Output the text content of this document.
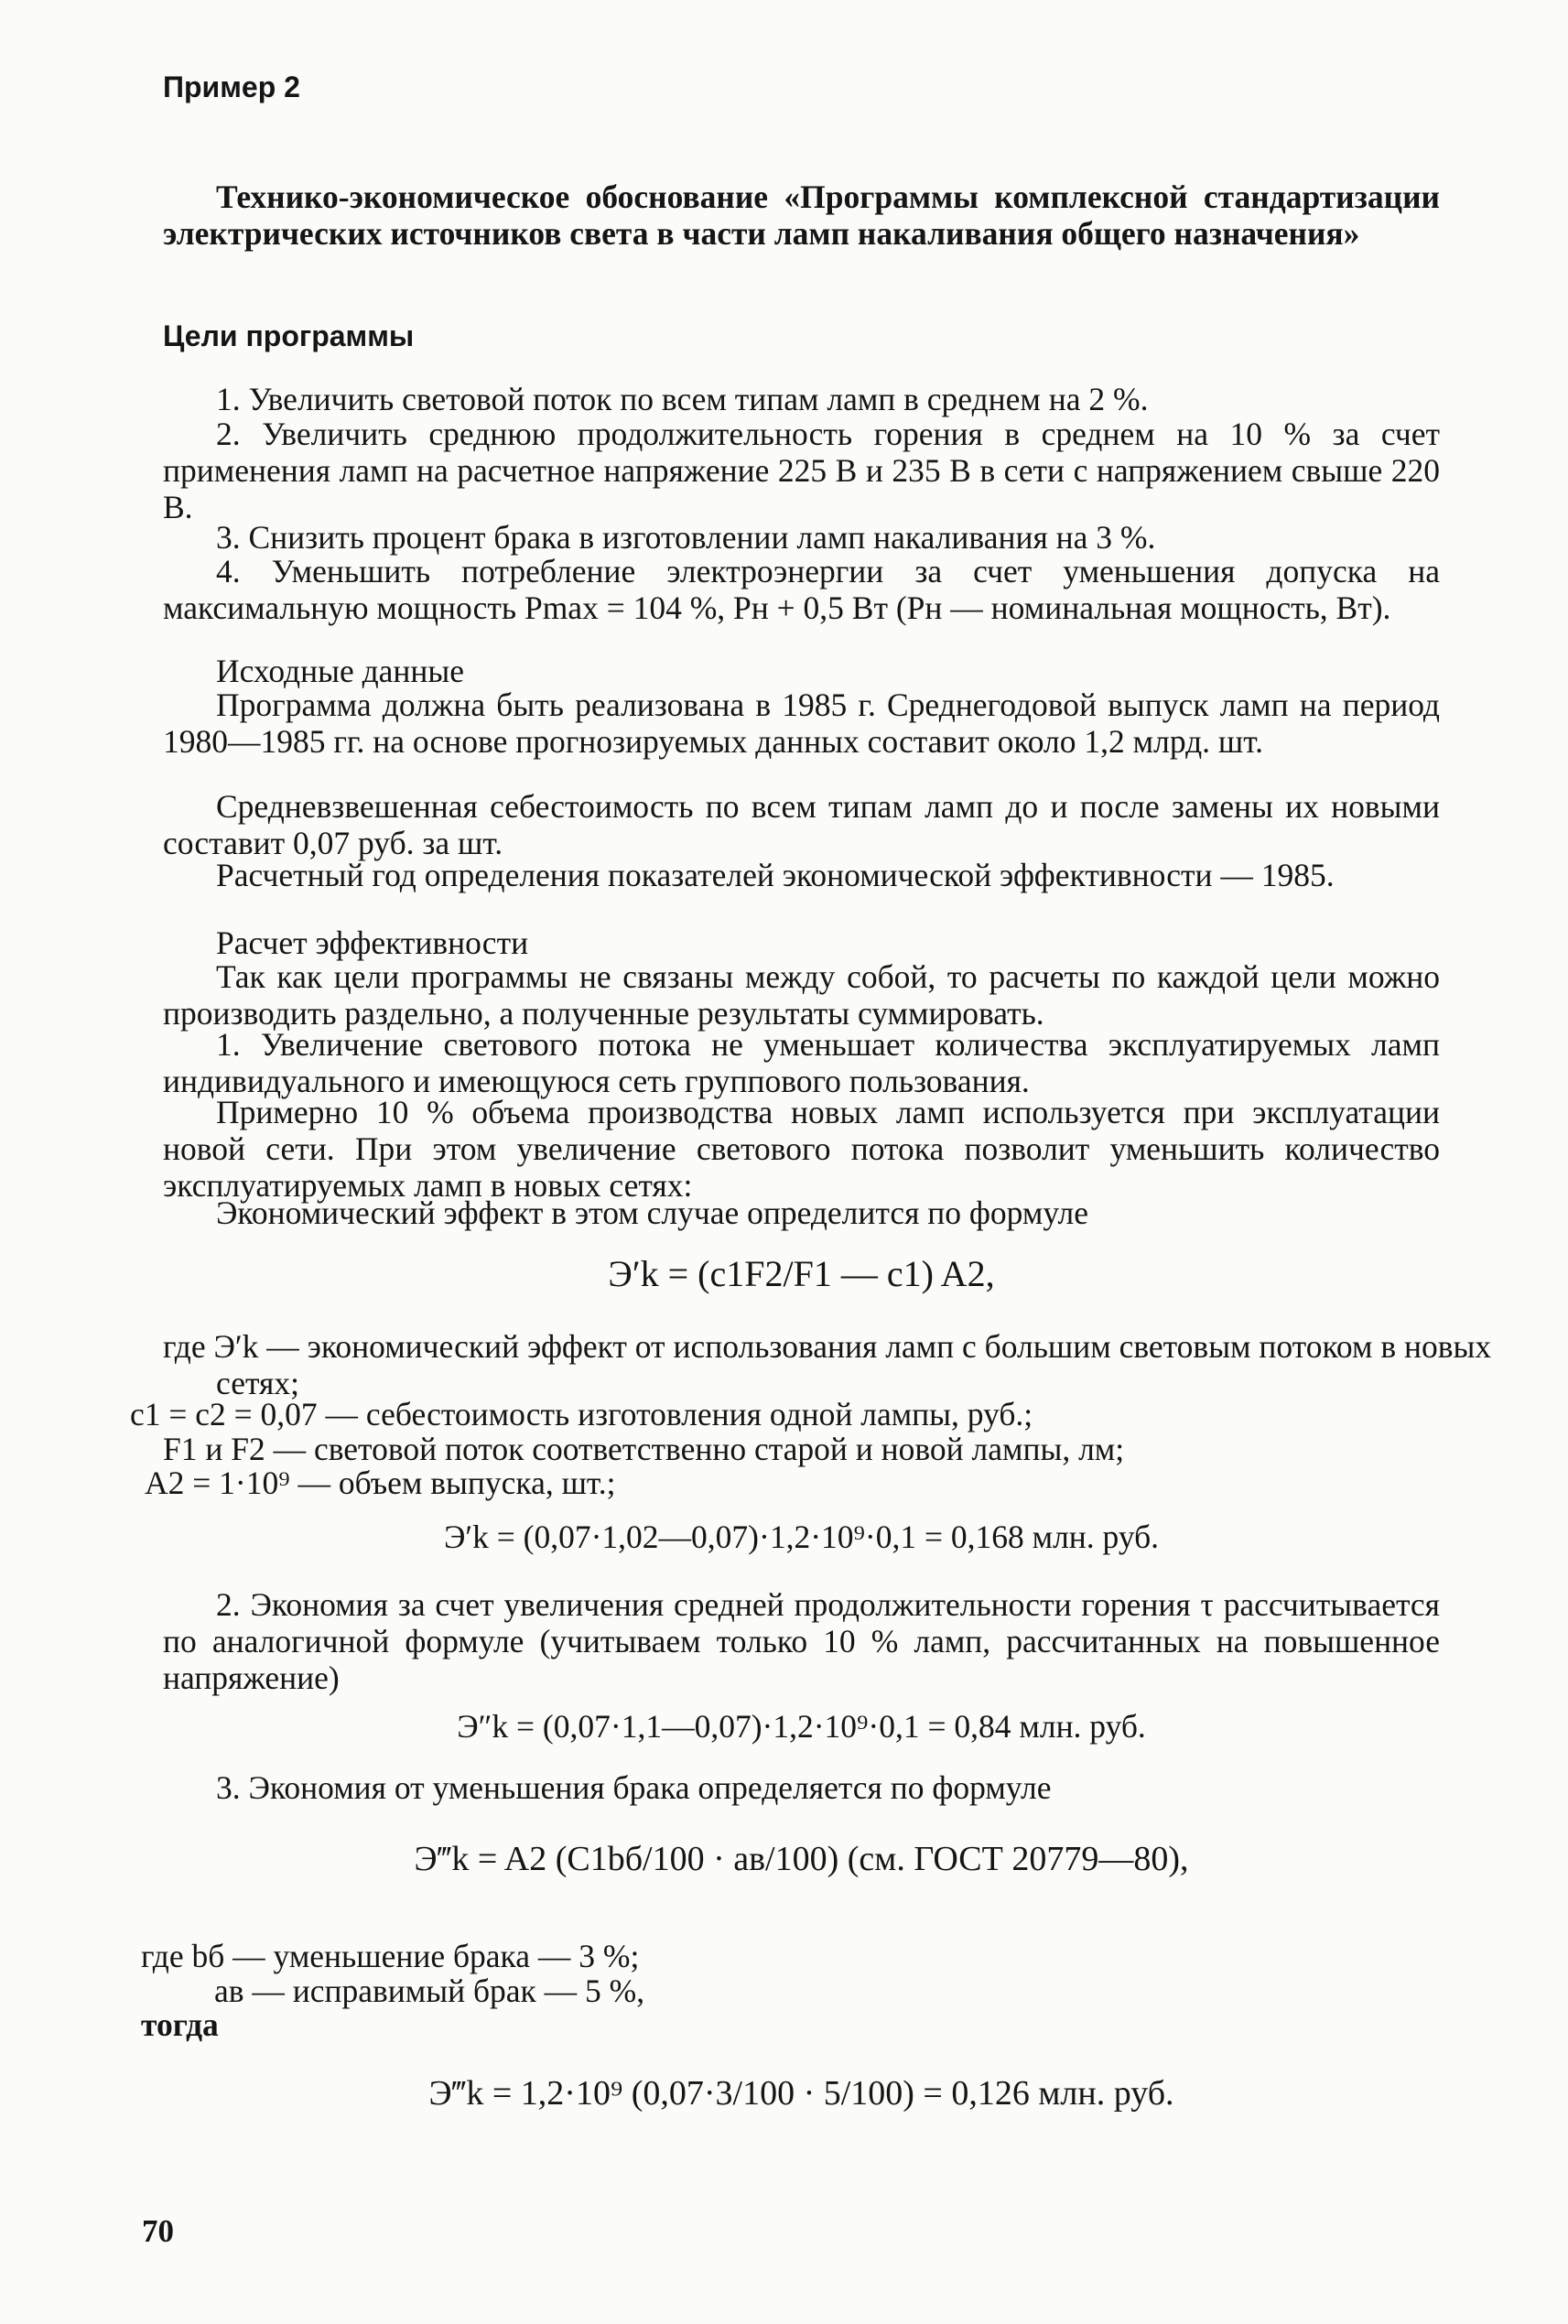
Пример 2
Технико-экономическое обоснование «Программы комплексной стандартизации электрических источников света в части ламп накаливания общего назначения»
Цели программы
1. Увеличить световой поток по всем типам ламп в среднем на 2 %.
2. Увеличить среднюю продолжительность горения в среднем на 10 % за счет применения ламп на расчетное напряжение 225 В и 235 В в сети с напряжением свыше 220 В.
3. Снизить процент брака в изготовлении ламп накаливания на 3 %.
4. Уменьшить потребление электроэнергии за счет уменьшения допуска на максимальную мощность Pmax = 104 %, Pн + 0,5 Вт (Pн — номинальная мощность, Вт).
Исходные данные
Программа должна быть реализована в 1985 г. Среднегодовой выпуск ламп на период 1980—1985 гг. на основе прогнозируемых данных составит около 1,2 млрд. шт.
Средневзвешенная себестоимость по всем типам ламп до и после замены их новыми составит 0,07 руб. за шт.
Расчетный год определения показателей экономической эффективности — 1985.
Расчет эффективности
Так как цели программы не связаны между собой, то расчеты по каждой цели можно производить раздельно, а полученные результаты суммировать.
1. Увеличение светового потока не уменьшает количества эксплуатируемых ламп индивидуального и имеющуюся сеть группового пользования.
Примерно 10 % объема производства новых ламп используется при эксплуатации новой сети. При этом увеличение светового потока позволит уменьшить количество эксплуатируемых ламп в новых сетях:
Экономический эффект в этом случае определится по формуле
Э′k = (c1F2/F1 — c1) A2,
где Э′k — экономический эффект от использования ламп с большим световым потоком в новых сетях;
c1 = c2 = 0,07 — себестоимость изготовления одной лампы, руб.;
F1 и F2 — световой поток соответственно старой и новой лампы, лм;
A2 = 1·10⁹ — объем выпуска, шт.;
Э′k = (0,07·1,02—0,07)·1,2·10⁹·0,1 = 0,168 млн. руб.
2. Экономия за счет увеличения средней продолжительности горения τ рассчитывается по аналогичной формуле (учитываем только 10 % ламп, рассчитанных на повышенное напряжение)
Э″k = (0,07·1,1—0,07)·1,2·10⁹·0,1 = 0,84 млн. руб.
3. Экономия от уменьшения брака определяется по формуле
Э‴k = A2 (C1bб/100 · aв/100) (см. ГОСТ 20779—80),
где bб — уменьшение брака — 3 %;
aв — исправимый брак — 5 %,
тогда
Э‴k = 1,2·10⁹ (0,07·3/100 · 5/100) = 0,126 млн. руб.
70
